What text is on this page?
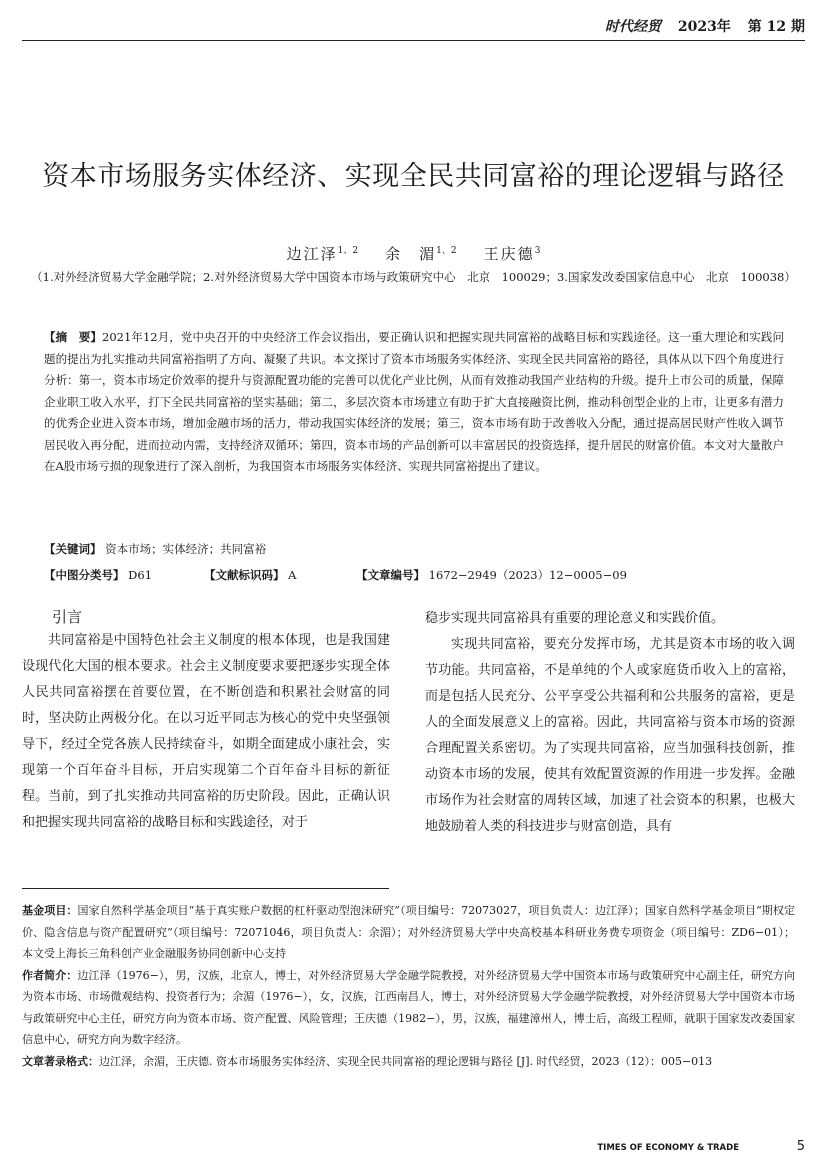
时代经贸 2023年 第 12 期
资本市场服务实体经济、实现全民共同富裕的理论逻辑与路径
边江泽$^{1、2}$ 余　湄$^{1、2}$ 王庆德$^3$
（1.对外经济贸易大学金融学院；2.对外经济贸易大学中国资本市场与政策研究中心　北京　100029；3.国家发改委国家信息中心　北京　100038）
【摘　要】2021年12月，党中央召开的中央经济工作会议指出，要正确认识和把握实现共同富裕的战略目标和实践途径。这一重大理论和实践问题的提出为扎实推动共同富裕指明了方向、凝聚了共识。本文探讨了资本市场服务实体经济、实现全民共同富裕的路径，具体从以下四个角度进行分析：第一，资本市场定价效率的提升与资源配置功能的完善可以优化产业比例，从而有效推动我国产业结构的升级。提升上市公司的质量，保障企业职工收入水平，打下全民共同富裕的坚实基础；第二，多层次资本市场建立有助于扩大直接融资比例，推动科创型企业的上市，让更多有潜力的优秀企业进入资本市场，增加金融市场的活力，带动我国实体经济的发展；第三，资本市场有助于改善收入分配，通过提高居民财产性收入调节居民收入再分配，进而拉动内需，支持经济双循环；第四，资本市场的产品创新可以丰富居民的投资选择，提升居民的财富价值。本文对大量散户在A股市场亏损的现象进行了深入剖析，为我国资本市场服务实体经济、实现共同富裕提出了建议。
【关键词】 资本市场；实体经济；共同富裕
【中图分类号】 D61	【文献标识码】 A	【文章编号】 1672−2949（2023）12−0005−09
引言

共同富裕是中国特色社会主义制度的根本体现，也是我国建设现代化大国的根本要求。社会主义制度要求要把逐步实现全体人民共同富裕摆在首要位置，在不断创造和积累社会财富的同时，坚决防止两极分化。在以习近平同志为核心的党中央坚强领导下，经过全党各族人民持续奋斗，如期全面建成小康社会，实现第一个百年奋斗目标，开启实现第二个百年奋斗目标的新征程。当前，到了扎实推动共同富裕的历史阶段。因此，正确认识和把握实现共同富裕的战略目标和实践途径，对于

稳步实现共同富裕具有重要的理论意义和实践价值。

实现共同富裕，要充分发挥市场，尤其是资本市场的收入调节功能。共同富裕，不是单纯的个人或家庭货币收入上的富裕，而是包括人民充分、公平享受公共福利和公共服务的富裕，更是人的全面发展意义上的富裕。因此，共同富裕与资本市场的资源合理配置关系密切。为了实现共同富裕，应当加强科技创新，推动资本市场的发展，使其有效配置资源的作用进一步发挥。金融市场作为社会财富的周转区域，加速了社会资本的积累，也极大地鼓励着人类的科技进步与财富创造，具有

基金项目：国家自然科学基金项目“基于真实账户数据的杠杆驱动型泡沫研究”（项目编号：72073027，项目负责人：边江泽）；国家自然科学基金项目“期权定价、隐含信息与资产配置研究”（项目编号：72071046，项目负责人：余湄）；对外经济贸易大学中央高校基本科研业务费专项资金（项目编号：ZD6−01）；本文受上海长三角科创产业金融服务协同创新中心支持

作者简介：边江泽（1976−），男，汉族，北京人，博士，对外经济贸易大学金融学院教授，对外经济贸易大学中国资本市场与政策研究中心副主任，研究方向为资本市场、市场微观结构、投资者行为；余湄（1976−），女，汉族，江西南昌人，博士，对外经济贸易大学金融学院教授，对外经济贸易大学中国资本市场与政策研究中心主任，研究方向为资本市场、资产配置、风险管理；王庆德（1982−），男，汉族，福建漳州人，博士后，高级工程师，就职于国家发改委国家信息中心，研究方向为数字经济。

文章著录格式：边江泽，余湄，王庆德. 资本市场服务实体经济、实现全民共同富裕的理论逻辑与路径 [J]. 时代经贸，2023（12）：005−013

TIMES OF ECONOMY & TRADE	5
